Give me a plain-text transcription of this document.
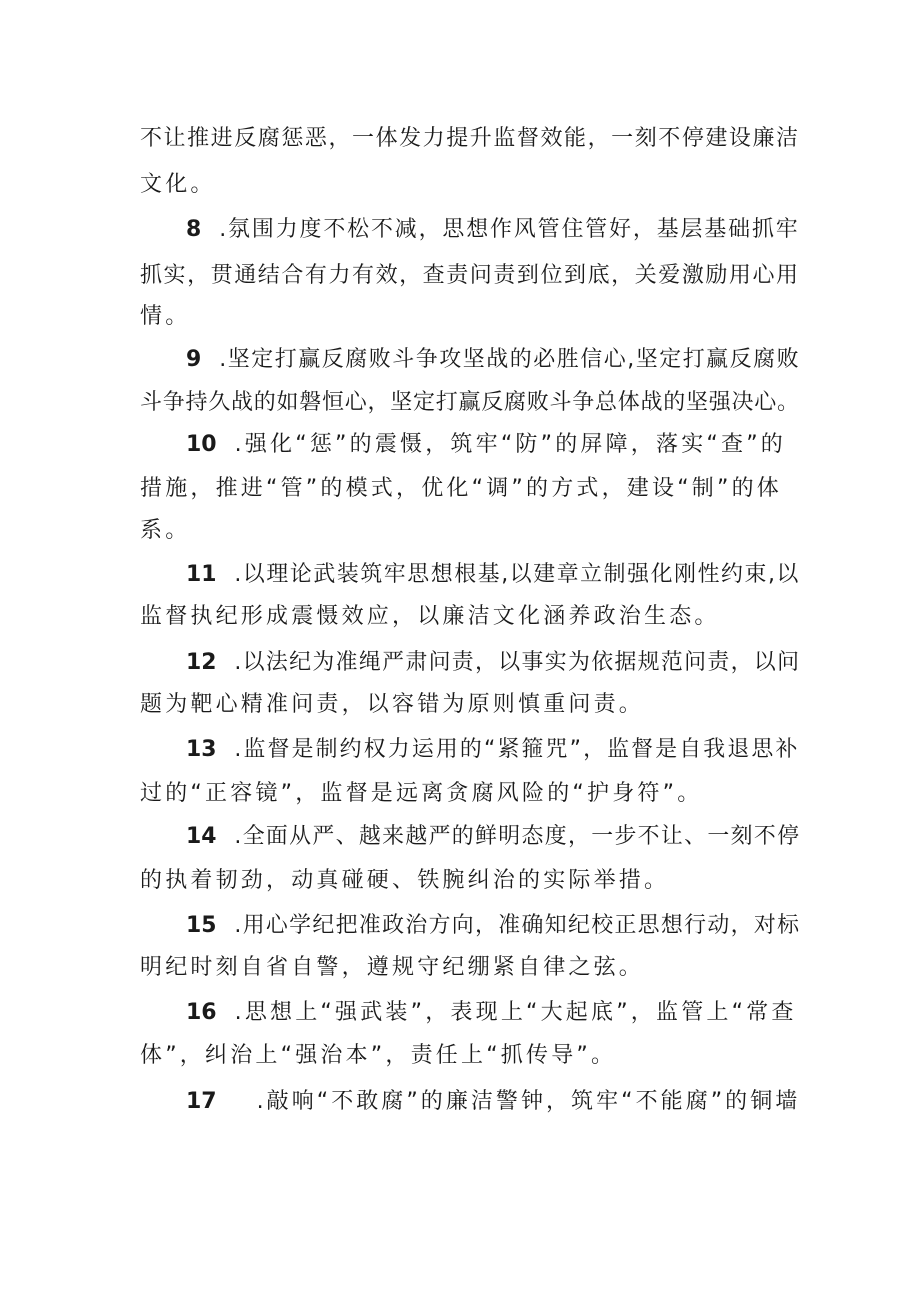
不让推进反腐惩恶，一体发力提升监督效能，一刻不停建设廉洁
文化。
8 .氛围力度不松不减，思想作风管住管好，基层基础抓牢
抓实，贯通结合有力有效，查责问责到位到底，关爱激励用心用
情。
9 .坚定打赢反腐败斗争攻坚战的必胜信心,坚定打赢反腐败
斗争持久战的如磐恒心，坚定打赢反腐败斗争总体战的坚强决心。
10 .强化“惩”的震慑，筑牢“防”的屏障，落实“查”的
措施，推进“管”的模式，优化“调”的方式，建设“制”的体
系。
11 .以理论武装筑牢思想根基,以建章立制强化刚性约束,以
监督执纪形成震慑效应，以廉洁文化涵养政治生态。
12 .以法纪为准绳严肃问责，以事实为依据规范问责，以问
题为靶心精准问责，以容错为原则慎重问责。
13 .监督是制约权力运用的“紧箍咒”，监督是自我退思补
过的“正容镜”，监督是远离贪腐风险的“护身符”。
14 .全面从严、越来越严的鲜明态度，一步不让、一刻不停
的执着韧劲，动真碰硬、铁腕纠治的实际举措。
15 .用心学纪把准政治方向，准确知纪校正思想行动，对标
明纪时刻自省自警，遵规守纪绷紧自律之弦。
16 .思想上“强武装”，表现上“大起底”，监管上“常查
体”，纠治上“强治本”，责任上“抓传导”。
17 .敲响“不敢腐”的廉洁警钟，筑牢“不能腐”的铜墙
